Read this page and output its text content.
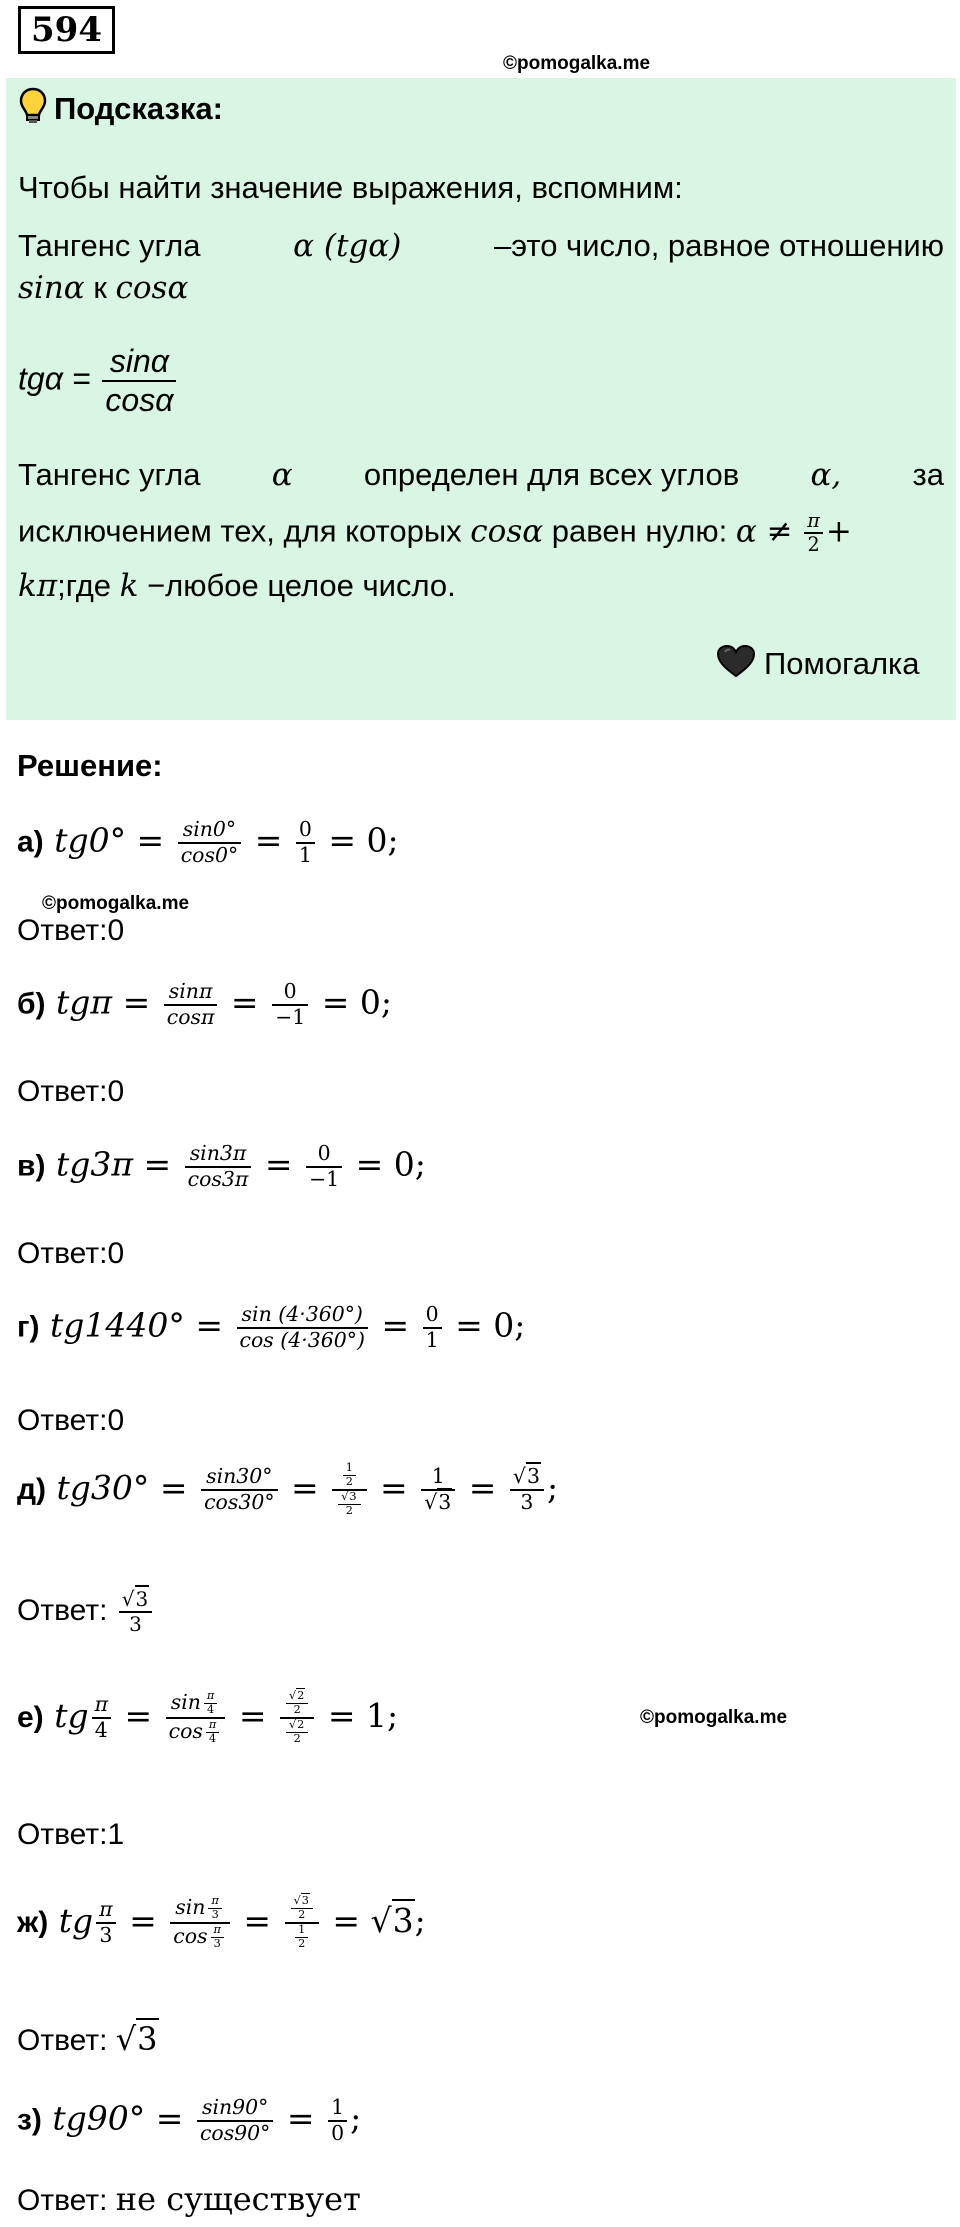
594
©pomogalka.me
Подсказка:
Чтобы найти значение выражения, вспомним:
Тангенс угла	α (tgα)	–это число, равное отношению
sinα к cosα
$tg\alpha = \frac{\sin\alpha}{\cos\alpha}$
Тангенс угла α определен для всех углов α, за
исключением тех, для которых cosα равен нулю: $\alpha \ne \frac{\pi}{2}$ +
kπ;где k −любое целое число.
Помогалка
Решение:
а) $tg0^\circ = \frac{\sin 0^\circ}{\cos 0^\circ} = \frac{0}{1} = 0$;
©pomogalka.me
Ответ:0
б) $tg\pi = \frac{\sin\pi}{\cos\pi} = \frac{0}{-1} = 0$;
Ответ:0
в) $tg3\pi = \frac{\sin 3\pi}{\cos 3\pi} = \frac{0}{-1} = 0$;
Ответ:0
г) $tg1440^\circ = \frac{\sin (4\cdot 360^\circ)}{\cos (4\cdot 360^\circ)} = \frac{0}{1} = 0$;
Ответ:0
д) $tg30^\circ = \frac{\sin 30^\circ}{\cos 30^\circ} = \frac{\frac{1}{2}}{\frac{√3}{2}} = \frac{1}{√3} = \frac{√3}{3}$ ;
Ответ: $\frac{√3}{3}$
е) tg $\frac{\pi}{4} = \frac{\sin \frac{\pi}{4}}{\cos \frac{\pi}{4}} = \frac{\frac{√2}{2}}{\frac{√2}{2}} = 1$;	©pomogalka.me
Ответ:1
ж) tg $\frac{\pi}{3} = \frac{\sin \frac{\pi}{3}}{\cos \frac{\pi}{3}} = \frac{\frac{√3}{2}}{\frac{1}{2}} = √3$;
Ответ: √3
з) $tg90^\circ = \frac{\sin 90^\circ}{\cos 90^\circ} = \frac{1}{0}$ ;
Ответ: не существует
